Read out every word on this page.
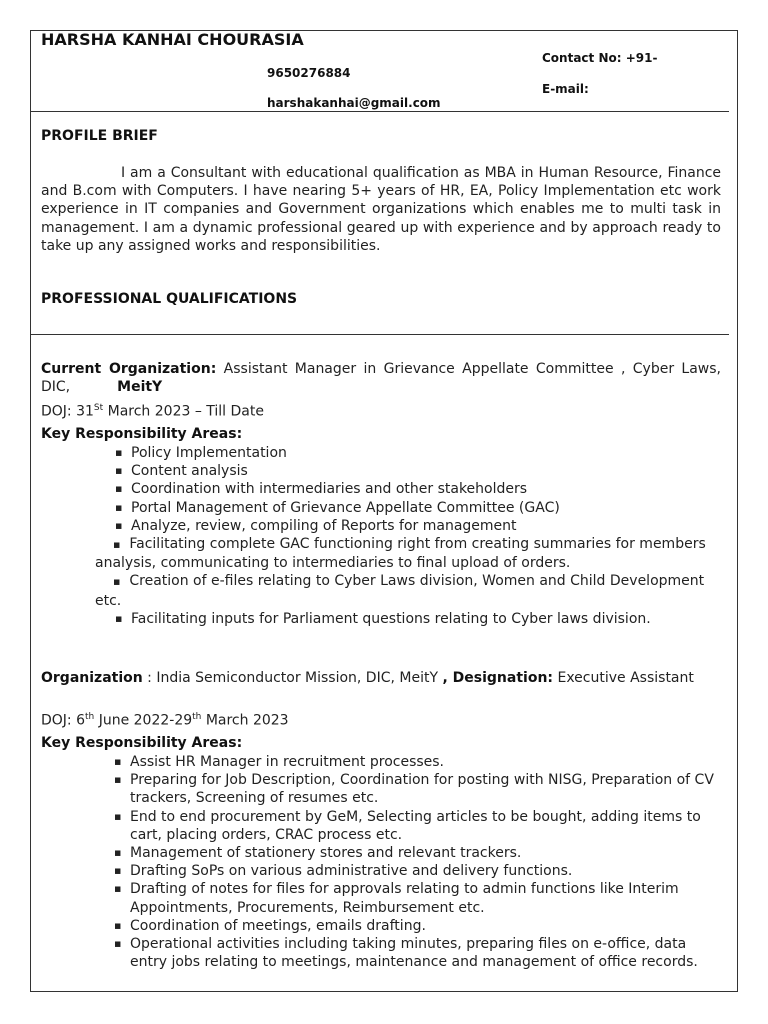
HARSHA KANHAI CHOURASIA
Contact No: +91-
9650276884
E-mail:
harshakanhai@gmail.com
PROFILE BRIEF
I am a Consultant with educational qualification as MBA in Human Resource, Finance and B.com with Computers. I have nearing 5+ years of HR, EA, Policy Implementation etc work experience in IT companies and Government organizations which enables me to multi task in management. I am a dynamic professional geared up with experience and by approach ready to take up any assigned works and responsibilities.
PROFESSIONAL QUALIFICATIONS
Current Organization: Assistant Manager in Grievance Appellate Committee , Cyber Laws, DIC,	MeitY
DOJ: 31St March 2023 – Till Date
Key Responsibility Areas:
▪ Policy Implementation
▪ Content analysis
▪ Coordination with intermediaries and other stakeholders
▪ Portal Management of Grievance Appellate Committee (GAC)
▪ Analyze, review, compiling of Reports for management
▪ Facilitating complete GAC functioning right from creating summaries for members analysis, communicating to intermediaries to final upload of orders.
▪ Creation of e-files relating to Cyber Laws division, Women and Child Development etc.
▪ Facilitating inputs for Parliament questions relating to Cyber laws division.
Organization : India Semiconductor Mission, DIC, MeitY , Designation: Executive Assistant
DOJ: 6th June 2022-29th March 2023
Key Responsibility Areas:
▪ Assist HR Manager in recruitment processes.
▪ Preparing for Job Description, Coordination for posting with NISG, Preparation of CV trackers, Screening of resumes etc.
▪ End to end procurement by GeM, Selecting articles to be bought, adding items to cart, placing orders, CRAC process etc.
▪ Management of stationery stores and relevant trackers.
▪ Drafting SoPs on various administrative and delivery functions.
▪ Drafting of notes for files for approvals relating to admin functions like Interim Appointments, Procurements, Reimbursement etc.
▪ Coordination of meetings, emails drafting.
▪ Operational activities including taking minutes, preparing files on e-office, data entry jobs relating to meetings, maintenance and management of office records.
